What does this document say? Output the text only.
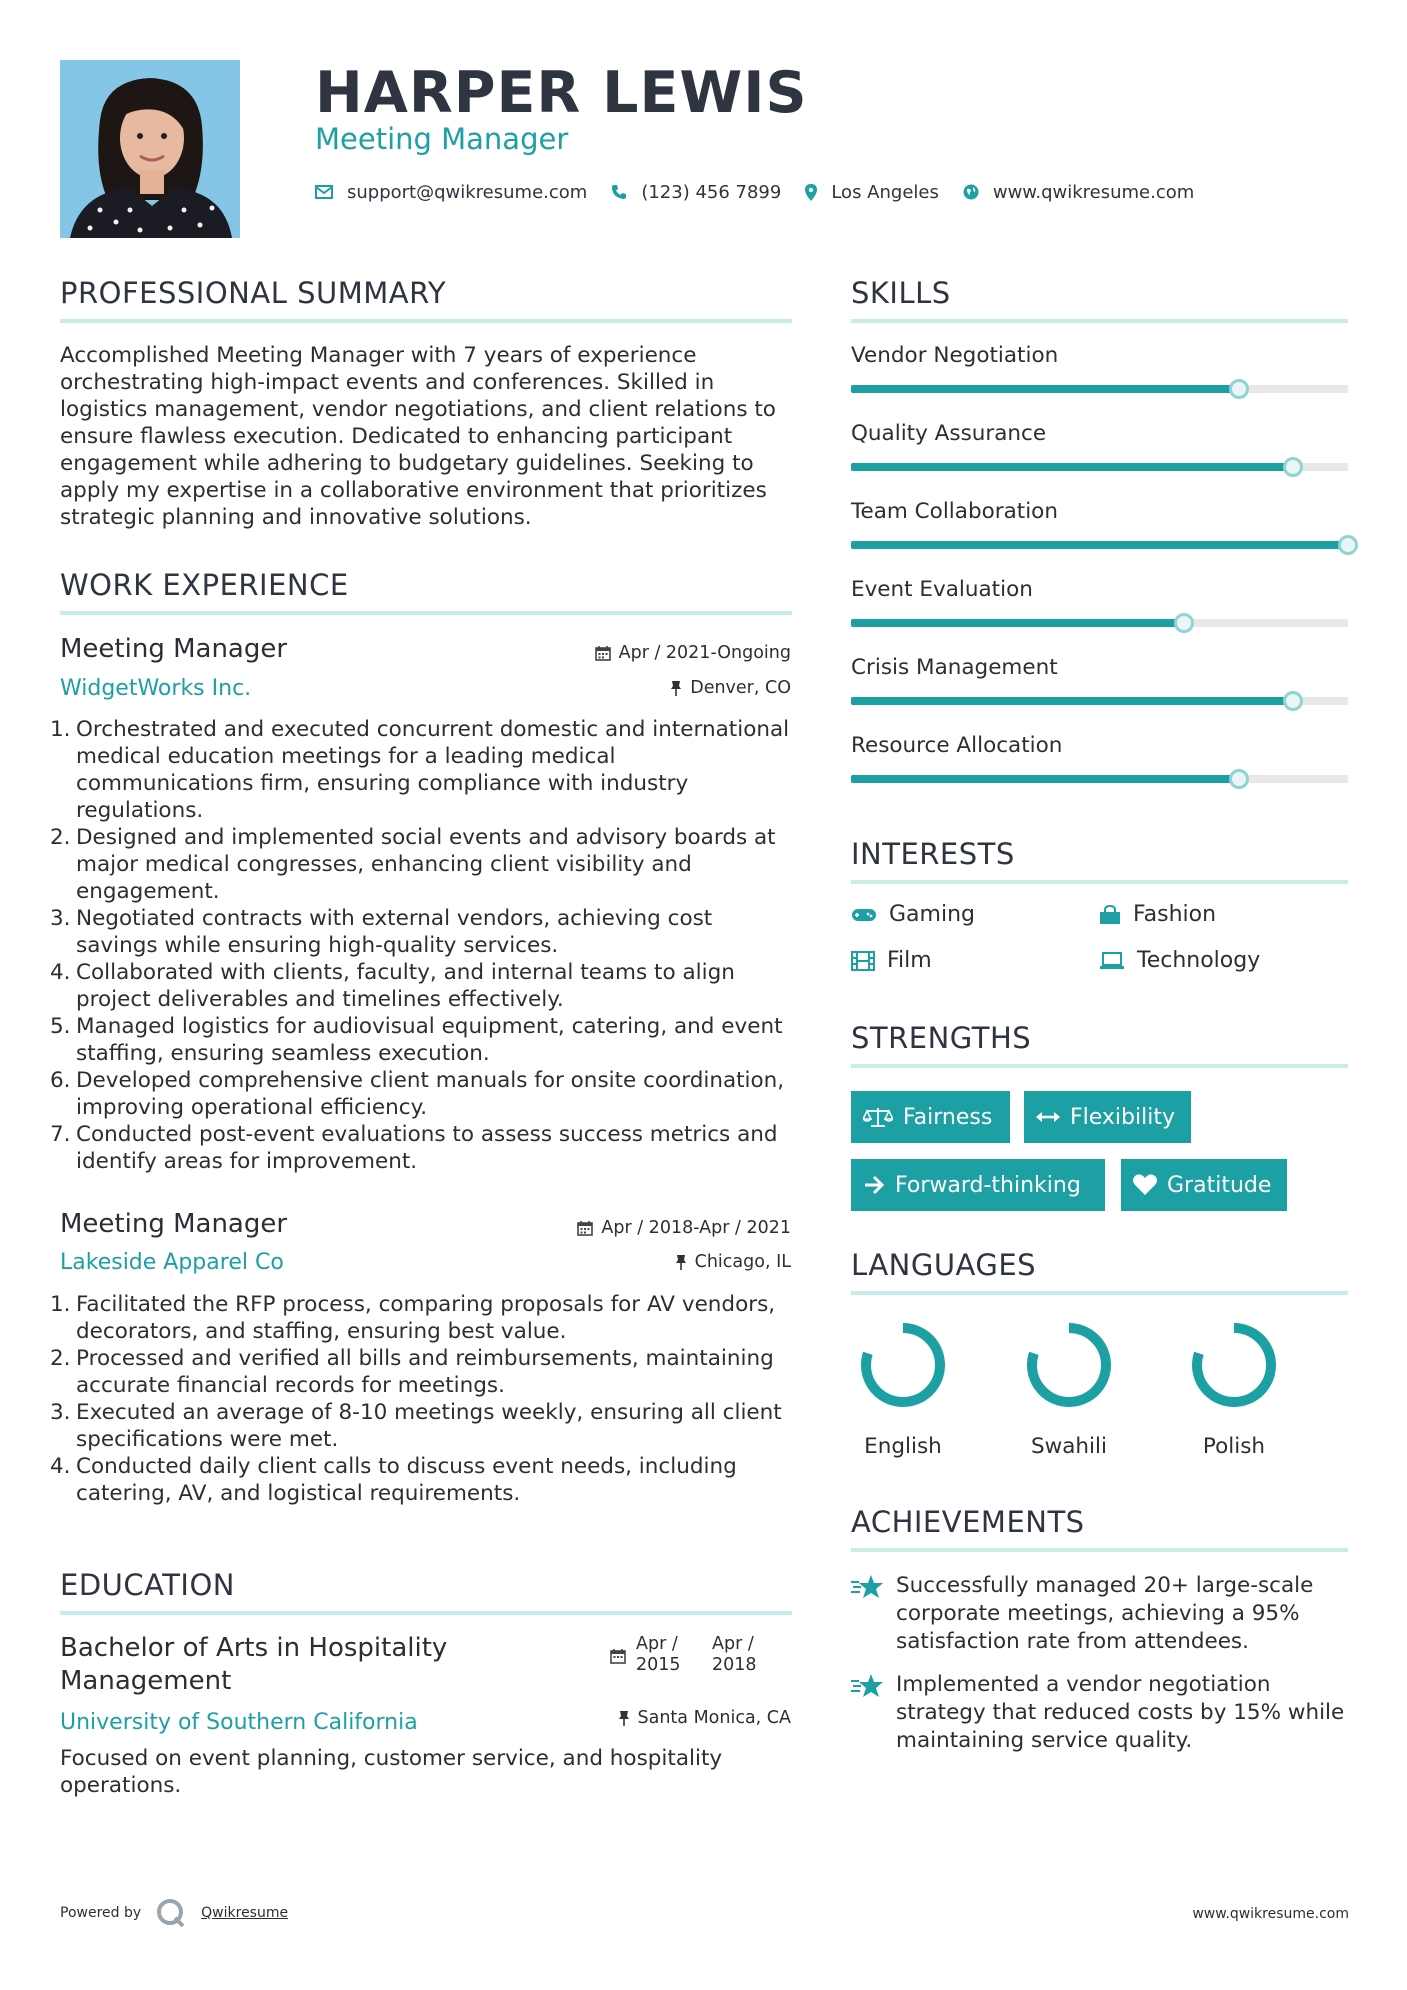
HARPER LEWIS
Meeting Manager
support@qwikresume.com	(123) 456 7899	Los Angeles	www.qwikresume.com
PROFESSIONAL SUMMARY
Accomplished Meeting Manager with 7 years of experience orchestrating high-impact events and conferences. Skilled in logistics management, vendor negotiations, and client relations to ensure flawless execution. Dedicated to enhancing participant engagement while adhering to budgetary guidelines. Seeking to apply my expertise in a collaborative environment that prioritizes strategic planning and innovative solutions.
WORK EXPERIENCE
Meeting Manager	Apr / 2021-Ongoing
WidgetWorks Inc.	Denver, CO
1. Orchestrated and executed concurrent domestic and international medical education meetings for a leading medical communications firm, ensuring compliance with industry regulations.
2. Designed and implemented social events and advisory boards at major medical congresses, enhancing client visibility and engagement.
3. Negotiated contracts with external vendors, achieving cost savings while ensuring high-quality services.
4. Collaborated with clients, faculty, and internal teams to align project deliverables and timelines effectively.
5. Managed logistics for audiovisual equipment, catering, and event staffing, ensuring seamless execution.
6. Developed comprehensive client manuals for onsite coordination, improving operational efficiency.
7. Conducted post-event evaluations to assess success metrics and identify areas for improvement.
Meeting Manager	Apr / 2018-Apr / 2021
Lakeside Apparel Co	Chicago, IL
1. Facilitated the RFP process, comparing proposals for AV vendors, decorators, and staffing, ensuring best value.
2. Processed and verified all bills and reimbursements, maintaining accurate financial records for meetings.
3. Executed an average of 8-10 meetings weekly, ensuring all client specifications were met.
4. Conducted daily client calls to discuss event needs, including catering, AV, and logistical requirements.
EDUCATION
Bachelor of Arts in Hospitality Management
Apr / 2015
Apr / 2018
University of Southern California	Santa Monica, CA
Focused on event planning, customer service, and hospitality operations.
SKILLS
Vendor Negotiation
Quality Assurance
Team Collaboration
Event Evaluation
Crisis Management
Resource Allocation
INTERESTS
Gaming	Fashion
Film	Technology
STRENGTHS
Fairness	Flexibility
Forward-thinking	Gratitude
LANGUAGES
English	Swahili	Polish
ACHIEVEMENTS
Successfully managed 20+ large-scale corporate meetings, achieving a 95% satisfaction rate from attendees.
Implemented a vendor negotiation strategy that reduced costs by 15% while maintaining service quality.
Powered by	Qwikresume	www.qwikresume.com
